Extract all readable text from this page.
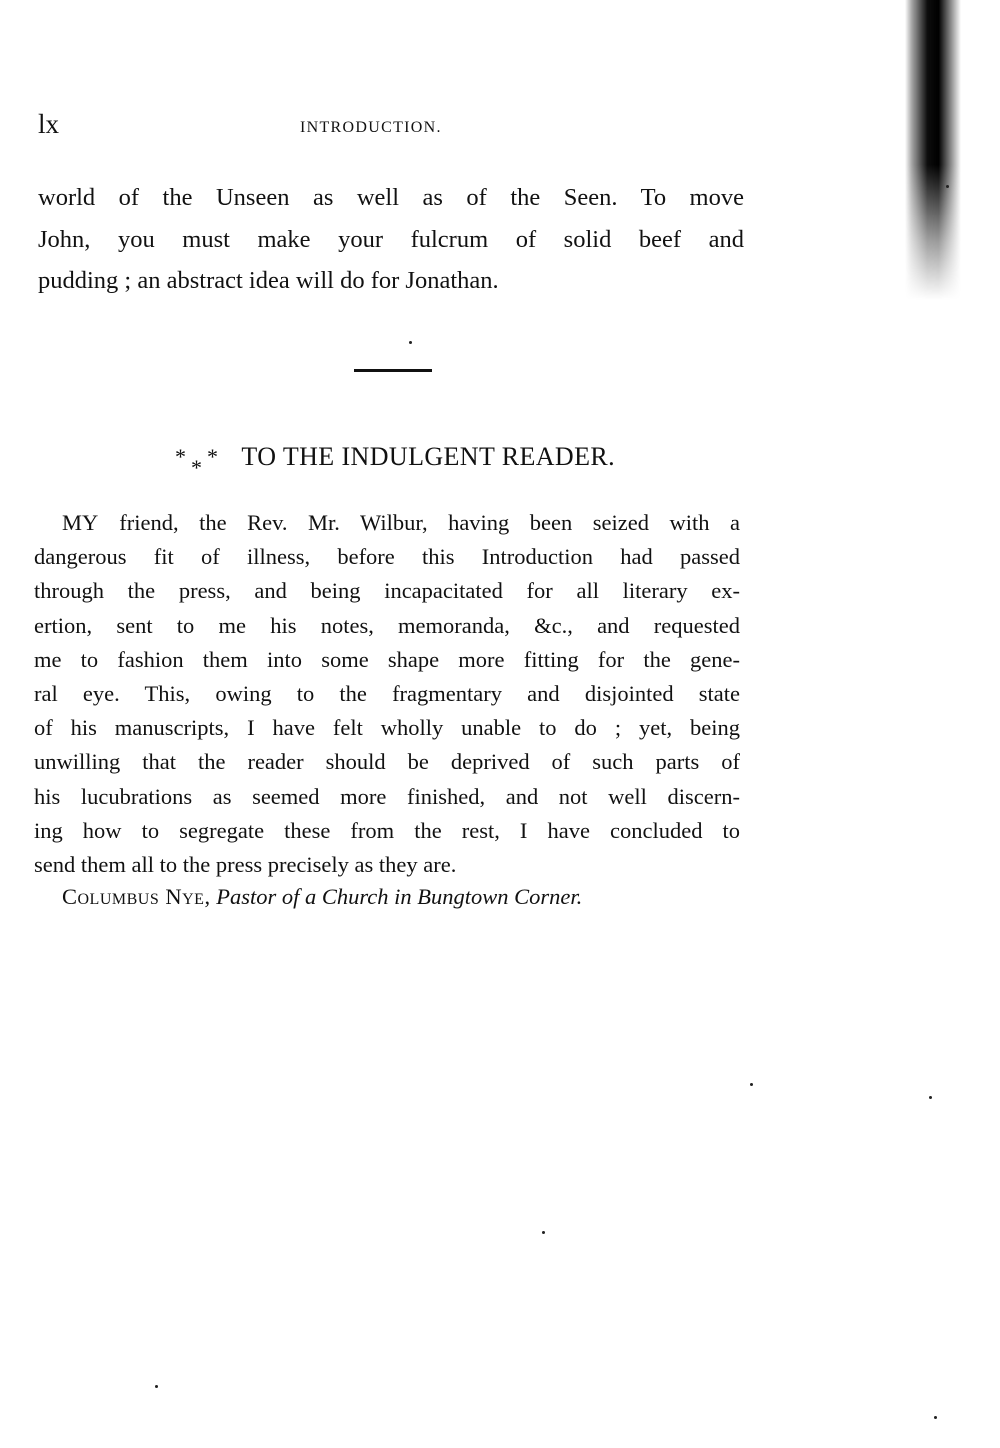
lx	INTRODUCTION.
world of the Unseen as well as of the Seen. To move
John, you must make your fulcrum of solid beef and
pudding ; an abstract idea will do for Jonathan.
* * * TO THE INDULGENT READER.
MY friend, the Rev. Mr. Wilbur, having been seized with a
dangerous fit of illness, before this Introduction had passed
through the press, and being incapacitated for all literary ex-
ertion, sent to me his notes, memoranda, &c., and requested
me to fashion them into some shape more fitting for the gene-
ral eye. This, owing to the fragmentary and disjointed state
of his manuscripts, I have felt wholly unable to do ; yet, being
unwilling that the reader should be deprived of such parts of
his lucubrations as seemed more finished, and not well discern-
ing how to segregate these from the rest, I have concluded to
send them all to the press precisely as they are.
Columbus Nye, Pastor of a Church in Bungtown Corner.
